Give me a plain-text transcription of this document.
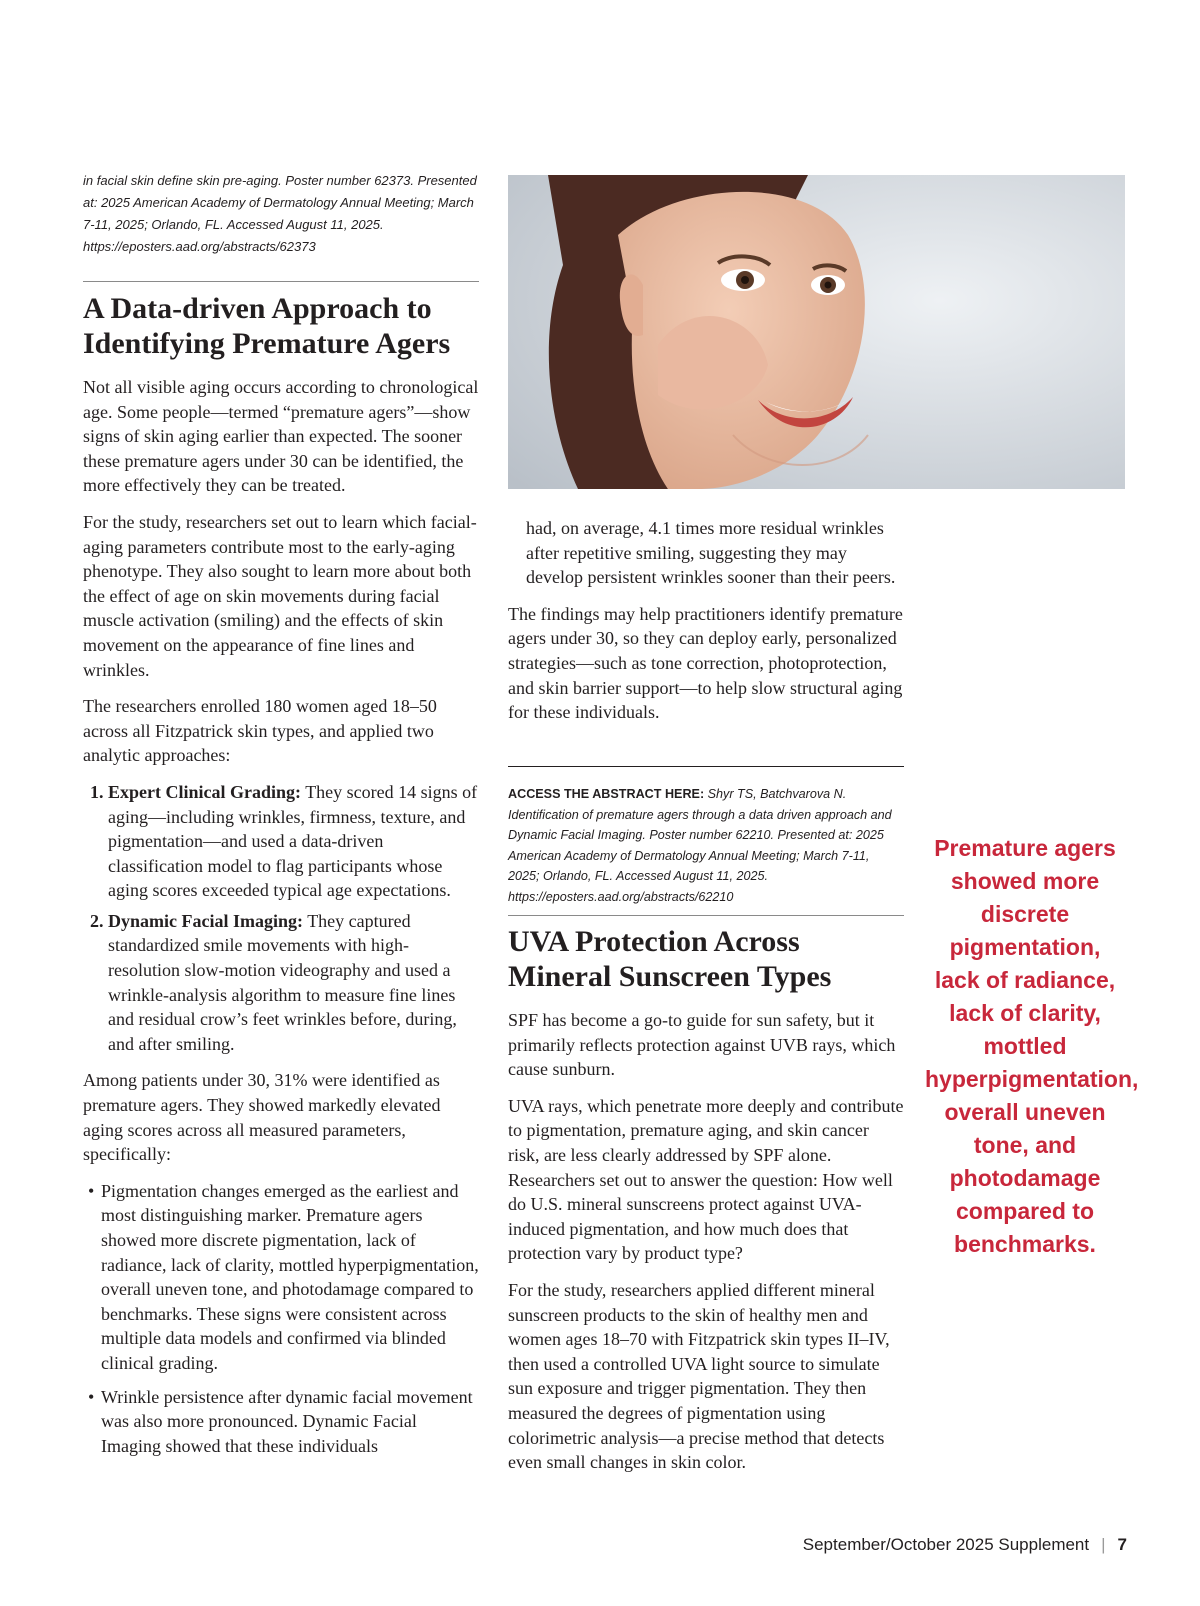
in facial skin define skin pre-aging. Poster number 62373. Presented at: 2025 American Academy of Dermatology Annual Meeting; March 7-11, 2025; Orlando, FL. Accessed August 11, 2025. https://eposters.aad.org/abstracts/62373
A Data-driven Approach to Identifying Premature Agers

Not all visible aging occurs according to chronological age. Some people—termed “premature agers”—show signs of skin aging earlier than expected. The sooner these premature agers under 30 can be identified, the more effectively they can be treated.

For the study, researchers set out to learn which facial-aging parameters contribute most to the early-aging phenotype. They also sought to learn more about both the effect of age on skin movements during facial muscle activation (smiling) and the effects of skin movement on the appearance of fine lines and wrinkles.

The researchers enrolled 180 women aged 18–50 across all Fitzpatrick skin types, and applied two analytic approaches:

1. Expert Clinical Grading: They scored 14 signs of aging—including wrinkles, firmness, texture, and pigmentation—and used a data-driven classification model to flag participants whose aging scores exceeded typical age expectations.
2. Dynamic Facial Imaging: They captured standardized smile movements with high-resolution slow-motion videography and used a wrinkle-analysis algorithm to measure fine lines and residual crow’s feet wrinkles before, during, and after smiling.

Among patients under 30, 31% were identified as premature agers. They showed markedly elevated aging scores across all measured parameters, specifically:

• Pigmentation changes emerged as the earliest and most distinguishing marker. Premature agers showed more discrete pigmentation, lack of radiance, lack of clarity, mottled hyperpigmentation, overall uneven tone, and photodamage compared to benchmarks. These signs were consistent across multiple data models and confirmed via blinded clinical grading.
• Wrinkle persistence after dynamic facial movement was also more pronounced. Dynamic Facial Imaging showed that these individuals

had, on average, 4.1 times more residual wrinkles after repetitive smiling, suggesting they may develop persistent wrinkles sooner than their peers.

The findings may help practitioners identify premature agers under 30, so they can deploy early, personalized strategies—such as tone correction, photoprotection, and skin barrier support—to help slow structural aging for these individuals.

ACCESS THE ABSTRACT HERE: Shyr TS, Batchvarova N. Identification of premature agers through a data driven approach and Dynamic Facial Imaging. Poster number 62210. Presented at: 2025 American Academy of Dermatology Annual Meeting; March 7-11, 2025; Orlando, FL. Accessed August 11, 2025. https://eposters.aad.org/abstracts/62210
UVA Protection Across Mineral Sunscreen Types

SPF has become a go-to guide for sun safety, but it primarily reflects protection against UVB rays, which cause sunburn.

UVA rays, which penetrate more deeply and contribute to pigmentation, premature aging, and skin cancer risk, are less clearly addressed by SPF alone. Researchers set out to answer the question: How well do U.S. mineral sunscreens protect against UVA-induced pigmentation, and how much does that protection vary by product type?

For the study, researchers applied different mineral sunscreen products to the skin of healthy men and women ages 18–70 with Fitzpatrick skin types II–IV, then used a controlled UVA light source to simulate sun exposure and trigger pigmentation. They then measured the degrees of pigmentation using colorimetric analysis—a precise method that detects even small changes in skin color.

Premature agers showed more discrete pigmentation, lack of radiance, lack of clarity, mottled hyperpigmentation, overall uneven tone, and photodamage compared to benchmarks.
September/October 2025 Supplement | 7
